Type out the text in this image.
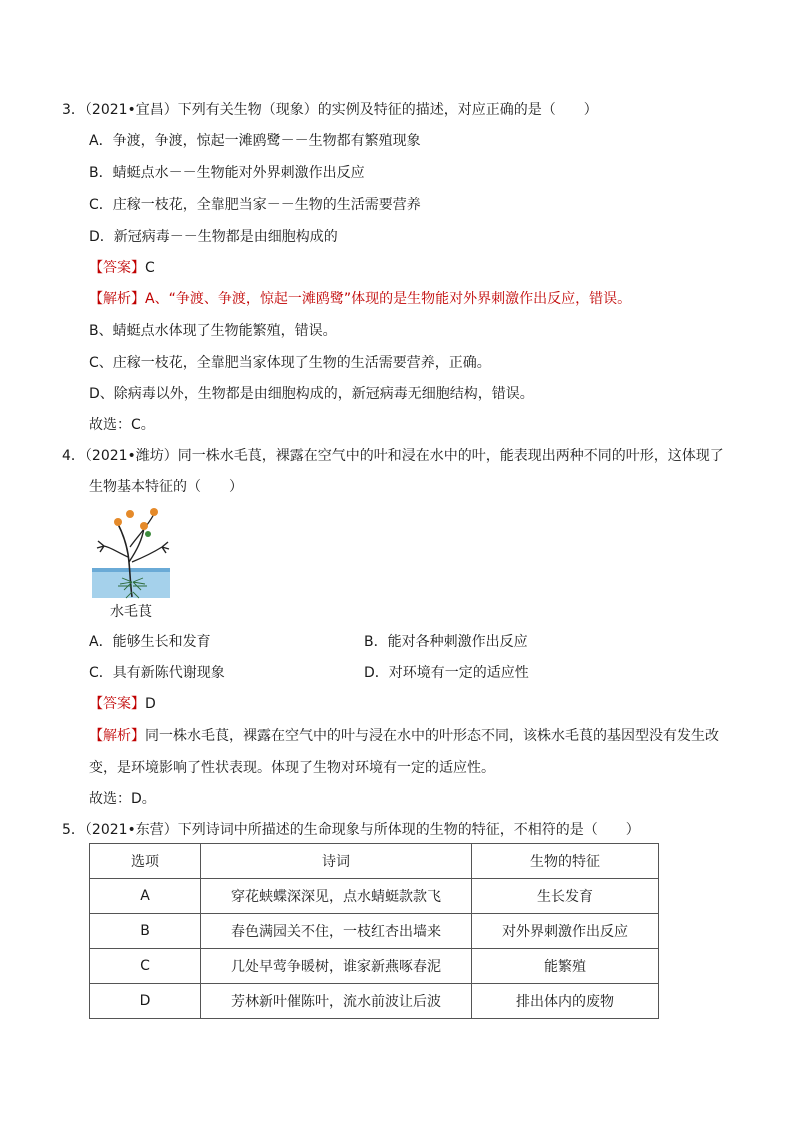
3．（2021•宜昌）下列有关生物（现象）的实例及特征的描述，对应正确的是（　　）
A．争渡，争渡，惊起一滩鸥鹭－－生物都有繁殖现象
B．蜻蜓点水－－生物能对外界刺激作出反应
C．庄稼一枝花，全靠肥当家－－生物的生活需要营养
D．新冠病毒－－生物都是由细胞构成的
【答案】C
【解析】A、“争渡、争渡，惊起一滩鸥鹭”体现的是生物能对外界刺激作出反应，错误。
B、蜻蜓点水体现了生物能繁殖，错误。
C、庄稼一枝花，全靠肥当家体现了生物的生活需要营养，正确。
D、除病毒以外，生物都是由细胞构成的，新冠病毒无细胞结构，错误。
故选：C。
4．（2021•潍坊）同一株水毛茛，裸露在空气中的叶和浸在水中的叶，能表现出两种不同的叶形，这体现了
生物基本特征的（　　）
水毛茛
A．能够生长和发育	B．能对各种刺激作出反应
C．具有新陈代谢现象	D．对环境有一定的适应性
【答案】D
【解析】同一株水毛茛，裸露在空气中的叶与浸在水中的叶形态不同，该株水毛茛的基因型没有发生改
变，是环境影响了性状表现。体现了生物对环境有一定的适应性。
故选：D。
5．（2021•东营）下列诗词中所描述的生命现象与所体现的生物的特征，不相符的是（　　）
选项	诗词	生物的特征
A	穿花蛱蝶深深见，点水蜻蜓款款飞	生长发育
B	春色满园关不住，一枝红杏出墙来	对外界刺激作出反应
C	几处早莺争暖树，谁家新燕啄春泥	能繁殖
D	芳林新叶催陈叶，流水前波让后波	排出体内的废物
